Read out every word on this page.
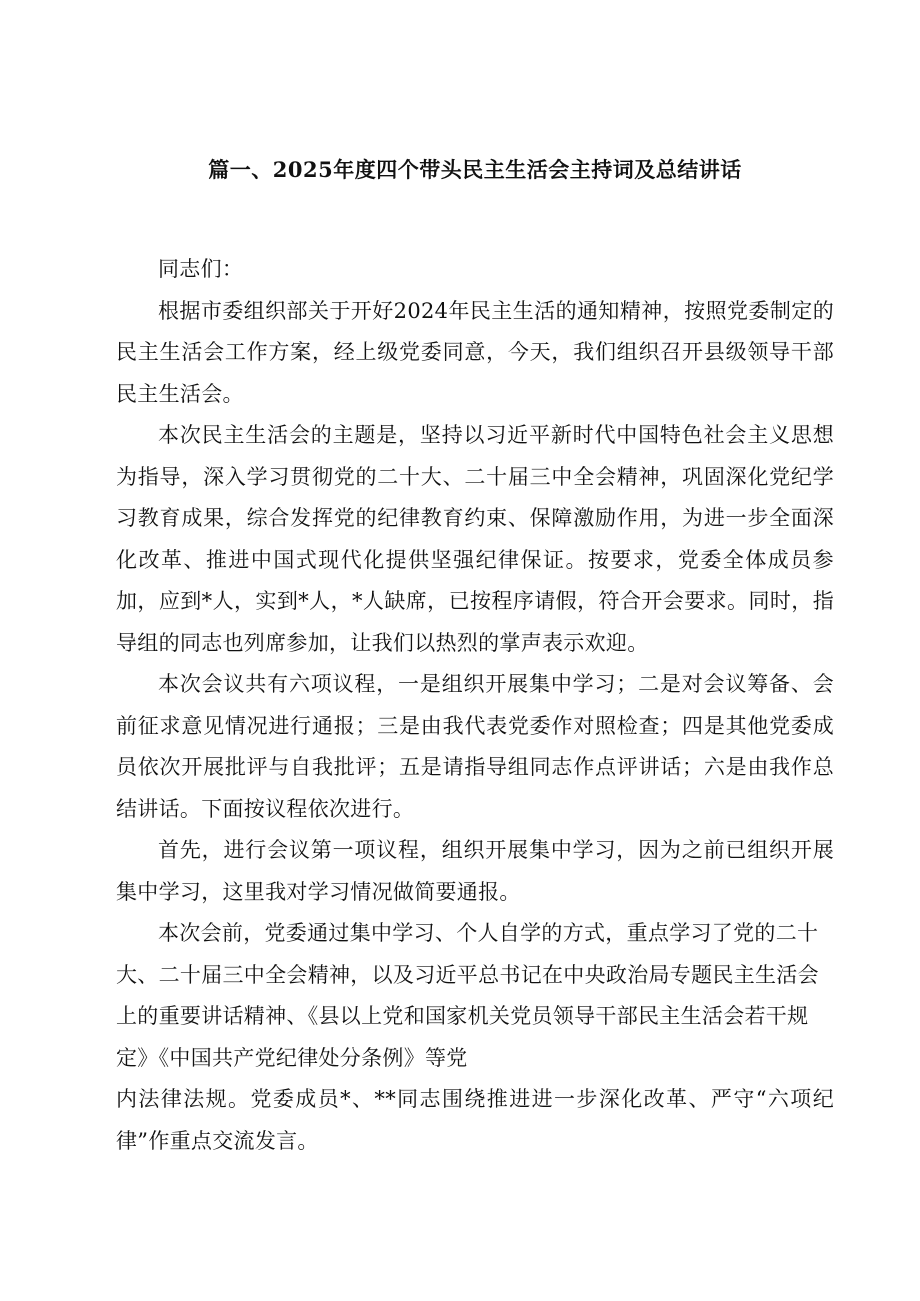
篇一、2025年度四个带头民主生活会主持词及总结讲话

同志们：

根据市委组织部关于开好2024年民主生活的通知精神，按照党委制定的民主生活会工作方案，经上级党委同意，今天，我们组织召开县级领导干部民主生活会。

本次民主生活会的主题是，坚持以习近平新时代中国特色社会主义思想为指导，深入学习贯彻党的二十大、二十届三中全会精神，巩固深化党纪学习教育成果，综合发挥党的纪律教育约束、保障激励作用，为进一步全面深化改革、推进中国式现代化提供坚强纪律保证。按要求，党委全体成员参加，应到*人，实到*人，*人缺席，已按程序请假，符合开会要求。同时，指导组的同志也列席参加，让我们以热烈的掌声表示欢迎。

本次会议共有六项议程，一是组织开展集中学习；二是对会议筹备、会前征求意见情况进行通报；三是由我代表党委作对照检查；四是其他党委成员依次开展批评与自我批评；五是请指导组同志作点评讲话；六是由我作总结讲话。下面按议程依次进行。

首先，进行会议第一项议程，组织开展集中学习，因为之前已组织开展集中学习，这里我对学习情况做简要通报。

本次会前，党委通过集中学习、个人自学的方式，重点学习了党的二十大、二十届三中全会精神，以及习近平总书记在中央政治局专题民主生活会上的重要讲话精神、《县以上党和国家机关党员领导干部民主生活会若干规定》《中国共产党纪律处分条例》等党

内法律法规。党委成员*、**同志围绕推进进一步深化改革、严守“六项纪律”作重点交流发言。
